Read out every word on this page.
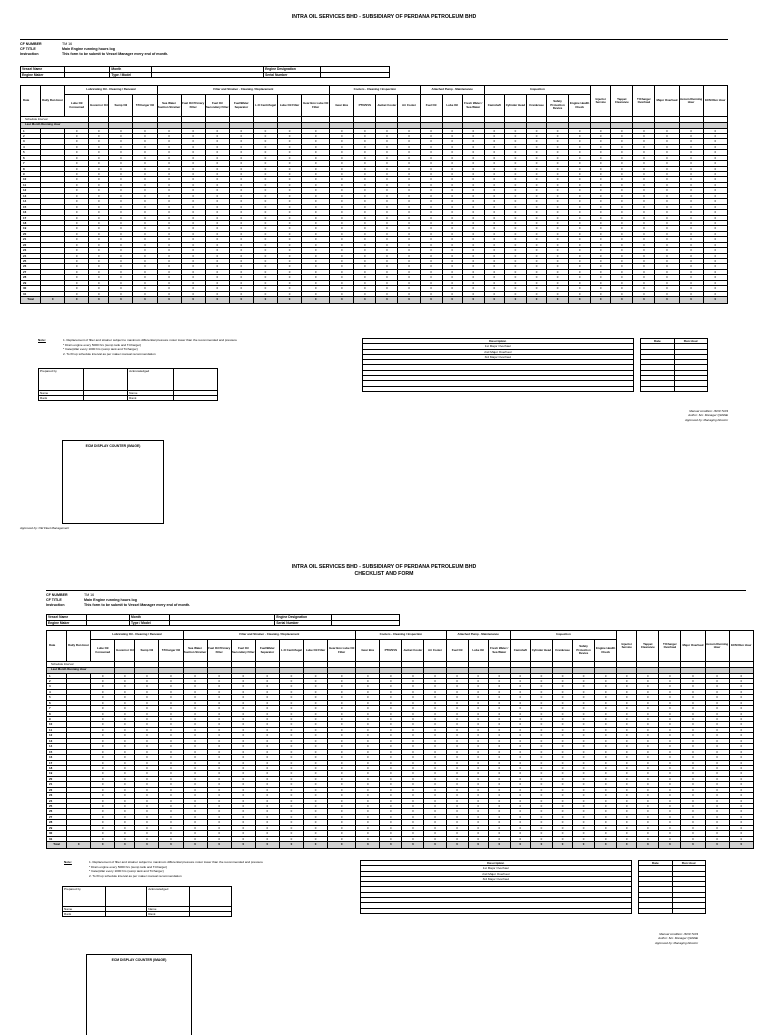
INTRA OIL SERVICES BHD - SUBSIDIARY OF PERDANA PETROLEUM BHD
CF NUMBER	TM 16
CF TITLE	Main Engine running hours log
Instruction	This form to be submit to Vessel Manager every end of month.
Vessel Name		Month		Engine Designation	
Engine Maker		Type / Model		Serial Number	
Date	Daily Run Hour	Lubricating Oil - Cleaning / Renewal				Filter and Strainer - Cleaning / Replacement							Coolers - Cleaning / Inspection				Attached Pump - Maintenance			Inspection					Injector Service	Tappet Clearance	T/Charger Overhaul	Major Overhaul	Accum Running Hour	ECM Run Hour
		Lube Oil Consumed	Governor Oil	Sump Oil	T/Charger Oil	Sea Water Suction Strainer	Fuel Oil Primary Filter	Fuel Oil Secondary Filter	Fuel/Water Separator	L.O Centrifugal	Lube Oil Filter	Gear Box Lube Oil Filter	Gear Box	PTO/SVS	Jacket Cooler	Air Cooler	Fuel Oil	Lube Oil	Fresh Water / Sea Water	Camshaft	Cylinder Head	Crankcase	Safety Protection Device	Engine Health Check						
Schedule Interval																														
Last Month Running Hour																														
1		0	0	0	0	0	0	0	0	0	0	0	0	0	0	0	0	0	0	0	0	0	0	0	0	0	0	0	0	0
2		0	0	0	0	0	0	0	0	0	0	0	0	0	0	0	0	0	0	0	0	0	0	0	0	0	0	0	0	0
3		0	0	0	0	0	0	0	0	0	0	0	0	0	0	0	0	0	0	0	0	0	0	0	0	0	0	0	0	0
4		0	0	0	0	0	0	0	0	0	0	0	0	0	0	0	0	0	0	0	0	0	0	0	0	0	0	0	0	0
5		0	0	0	0	0	0	0	0	0	0	0	0	0	0	0	0	0	0	0	0	0	0	0	0	0	0	0	0	0
6		0	0	0	0	0	0	0	0	0	0	0	0	0	0	0	0	0	0	0	0	0	0	0	0	0	0	0	0	0
7		0	0	0	0	0	0	0	0	0	0	0	0	0	0	0	0	0	0	0	0	0	0	0	0	0	0	0	0	0
8		0	0	0	0	0	0	0	0	0	0	0	0	0	0	0	0	0	0	0	0	0	0	0	0	0	0	0	0	0
9		0	0	0	0	0	0	0	0	0	0	0	0	0	0	0	0	0	0	0	0	0	0	0	0	0	0	0	0	0
10		0	0	0	0	0	0	0	0	0	0	0	0	0	0	0	0	0	0	0	0	0	0	0	0	0	0	0	0	0
11		0	0	0	0	0	0	0	0	0	0	0	0	0	0	0	0	0	0	0	0	0	0	0	0	0	0	0	0	0
12		0	0	0	0	0	0	0	0	0	0	0	0	0	0	0	0	0	0	0	0	0	0	0	0	0	0	0	0	0
13		0	0	0	0	0	0	0	0	0	0	0	0	0	0	0	0	0	0	0	0	0	0	0	0	0	0	0	0	0
14		0	0	0	0	0	0	0	0	0	0	0	0	0	0	0	0	0	0	0	0	0	0	0	0	0	0	0	0	0
15		0	0	0	0	0	0	0	0	0	0	0	0	0	0	0	0	0	0	0	0	0	0	0	0	0	0	0	0	0
16		0	0	0	0	0	0	0	0	0	0	0	0	0	0	0	0	0	0	0	0	0	0	0	0	0	0	0	0	0
17		0	0	0	0	0	0	0	0	0	0	0	0	0	0	0	0	0	0	0	0	0	0	0	0	0	0	0	0	0
18		0	0	0	0	0	0	0	0	0	0	0	0	0	0	0	0	0	0	0	0	0	0	0	0	0	0	0	0	0
19		0	0	0	0	0	0	0	0	0	0	0	0	0	0	0	0	0	0	0	0	0	0	0	0	0	0	0	0	0
20		0	0	0	0	0	0	0	0	0	0	0	0	0	0	0	0	0	0	0	0	0	0	0	0	0	0	0	0	0
21		0	0	0	0	0	0	0	0	0	0	0	0	0	0	0	0	0	0	0	0	0	0	0	0	0	0	0	0	0
22		0	0	0	0	0	0	0	0	0	0	0	0	0	0	0	0	0	0	0	0	0	0	0	0	0	0	0	0	0
23		0	0	0	0	0	0	0	0	0	0	0	0	0	0	0	0	0	0	0	0	0	0	0	0	0	0	0	0	0
24		0	0	0	0	0	0	0	0	0	0	0	0	0	0	0	0	0	0	0	0	0	0	0	0	0	0	0	0	0
25		0	0	0	0	0	0	0	0	0	0	0	0	0	0	0	0	0	0	0	0	0	0	0	0	0	0	0	0	0
26		0	0	0	0	0	0	0	0	0	0	0	0	0	0	0	0	0	0	0	0	0	0	0	0	0	0	0	0	0
27		0	0	0	0	0	0	0	0	0	0	0	0	0	0	0	0	0	0	0	0	0	0	0	0	0	0	0	0	0
28		0	0	0	0	0	0	0	0	0	0	0	0	0	0	0	0	0	0	0	0	0	0	0	0	0	0	0	0	0
29		0	0	0	0	0	0	0	0	0	0	0	0	0	0	0	0	0	0	0	0	0	0	0	0	0	0	0	0	0
30		0	0	0	0	0	0	0	0	0	0	0	0	0	0	0	0	0	0	0	0	0	0	0	0	0	0	0	0	0
31		0	0	0	0	0	0	0	0	0	0	0	0	0	0	0	0	0	0	0	0	0	0	0	0	0	0	0	0	0
Total	0	0	0	0	0	0	0	0	0	0	0	0	0	0	0	0	0	0	0	0	0	0	0	0	0	0	0	0	0	0
Note:	1. Replacement of filter and strainer subject to maximum differential pressure motor lower than the recommended and pressure
* Drain engine every 5000 hrs (sump tank and T/charger)
* Caterpillar every 1000 hrs (sump tank and T/charger)
2. To fill up schedule interval as per maker manual recommendation
Prepared by		Acknowledged	
Name		Name	
Rank		Rank	
Description		Date	Run Hour
1st Major Overhaul			
2nd Major Overhaul			
3rd Major Overhaul			

Manual condition: ISO9 7103
Author: Snr. Manager QHSSE
Approved by: Managing Director
ECM DISPLAY COUNTER (IMAGE)
Approved by: Old Fleet Management
INTRA OIL SERVICES BHD - SUBSIDIARY OF PERDANA PETROLEUM BHD
CHECKLIST AND FORM
CF NUMBER	TM 16
CF TITLE	Main Engine running hours log
Instruction	This form to be submit to Vessel Manager every end of month.
Vessel Name		Month		Engine Designation	
Engine Maker		Type / Model		Serial Number	
Date	Daily Run Hour	Lubricating Oil - Cleaning / Renewal				Filter and Strainer - Cleaning / Replacement							Coolers - Cleaning / Inspection				Attached Pump - Maintenance			Inspection					Injector Service	Tappet Clearance	T/Charger Overhaul	Major Overhaul	Accum Running Hour	ECM Run Hour
		Lube Oil Consumed	Governor Oil	Sump Oil	T/Charger Oil	Sea Water Suction Strainer	Fuel Oil Primary Filter	Fuel Oil Secondary Filter	Fuel/Water Separator	L.O Centrifugal	Lube Oil Filter	Gear Box Lube Oil Filter	Gear Box	PTO/SVS	Jacket Cooler	Air Cooler	Fuel Oil	Lube Oil	Fresh Water / Sea Water	Camshaft	Cylinder Head	Crankcase	Safety Protection Device	Engine Health Check						
Schedule Interval																														
Last Month Running Hour																														
1		0	0	0	0	0	0	0	0	0	0	0	0	0	0	0	0	0	0	0	0	0	0	0	0	0	0	0	0	0
2		0	0	0	0	0	0	0	0	0	0	0	0	0	0	0	0	0	0	0	0	0	0	0	0	0	0	0	0	0
3		0	0	0	0	0	0	0	0	0	0	0	0	0	0	0	0	0	0	0	0	0	0	0	0	0	0	0	0	0
4		0	0	0	0	0	0	0	0	0	0	0	0	0	0	0	0	0	0	0	0	0	0	0	0	0	0	0	0	0
5		0	0	0	0	0	0	0	0	0	0	0	0	0	0	0	0	0	0	0	0	0	0	0	0	0	0	0	0	0
6		0	0	0	0	0	0	0	0	0	0	0	0	0	0	0	0	0	0	0	0	0	0	0	0	0	0	0	0	0
7		0	0	0	0	0	0	0	0	0	0	0	0	0	0	0	0	0	0	0	0	0	0	0	0	0	0	0	0	0
8		0	0	0	0	0	0	0	0	0	0	0	0	0	0	0	0	0	0	0	0	0	0	0	0	0	0	0	0	0
9		0	0	0	0	0	0	0	0	0	0	0	0	0	0	0	0	0	0	0	0	0	0	0	0	0	0	0	0	0
10		0	0	0	0	0	0	0	0	0	0	0	0	0	0	0	0	0	0	0	0	0	0	0	0	0	0	0	0	0
11		0	0	0	0	0	0	0	0	0	0	0	0	0	0	0	0	0	0	0	0	0	0	0	0	0	0	0	0	0
12		0	0	0	0	0	0	0	0	0	0	0	0	0	0	0	0	0	0	0	0	0	0	0	0	0	0	0	0	0
13		0	0	0	0	0	0	0	0	0	0	0	0	0	0	0	0	0	0	0	0	0	0	0	0	0	0	0	0	0
14		0	0	0	0	0	0	0	0	0	0	0	0	0	0	0	0	0	0	0	0	0	0	0	0	0	0	0	0	0
15		0	0	0	0	0	0	0	0	0	0	0	0	0	0	0	0	0	0	0	0	0	0	0	0	0	0	0	0	0
16		0	0	0	0	0	0	0	0	0	0	0	0	0	0	0	0	0	0	0	0	0	0	0	0	0	0	0	0	0
17		0	0	0	0	0	0	0	0	0	0	0	0	0	0	0	0	0	0	0	0	0	0	0	0	0	0	0	0	0
18		0	0	0	0	0	0	0	0	0	0	0	0	0	0	0	0	0	0	0	0	0	0	0	0	0	0	0	0	0
19		0	0	0	0	0	0	0	0	0	0	0	0	0	0	0	0	0	0	0	0	0	0	0	0	0	0	0	0	0
20		0	0	0	0	0	0	0	0	0	0	0	0	0	0	0	0	0	0	0	0	0	0	0	0	0	0	0	0	0
21		0	0	0	0	0	0	0	0	0	0	0	0	0	0	0	0	0	0	0	0	0	0	0	0	0	0	0	0	0
22		0	0	0	0	0	0	0	0	0	0	0	0	0	0	0	0	0	0	0	0	0	0	0	0	0	0	0	0	0
23		0	0	0	0	0	0	0	0	0	0	0	0	0	0	0	0	0	0	0	0	0	0	0	0	0	0	0	0	0
24		0	0	0	0	0	0	0	0	0	0	0	0	0	0	0	0	0	0	0	0	0	0	0	0	0	0	0	0	0
25		0	0	0	0	0	0	0	0	0	0	0	0	0	0	0	0	0	0	0	0	0	0	0	0	0	0	0	0	0
26		0	0	0	0	0	0	0	0	0	0	0	0	0	0	0	0	0	0	0	0	0	0	0	0	0	0	0	0	0
27		0	0	0	0	0	0	0	0	0	0	0	0	0	0	0	0	0	0	0	0	0	0	0	0	0	0	0	0	0
28		0	0	0	0	0	0	0	0	0	0	0	0	0	0	0	0	0	0	0	0	0	0	0	0	0	0	0	0	0
29		0	0	0	0	0	0	0	0	0	0	0	0	0	0	0	0	0	0	0	0	0	0	0	0	0	0	0	0	0
30		0	0	0	0	0	0	0	0	0	0	0	0	0	0	0	0	0	0	0	0	0	0	0	0	0	0	0	0	0
31		0	0	0	0	0	0	0	0	0	0	0	0	0	0	0	0	0	0	0	0	0	0	0	0	0	0	0	0	0
Total	0	0	0	0	0	0	0	0	0	0	0	0	0	0	0	0	0	0	0	0	0	0	0	0	0	0	0	0	0	0
Note:	1. Replacement of filter and strainer subject to maximum differential pressure motor lower than the recommended and pressure
* Drain engine every 5000 hrs (sump tank and T/charger)
* Caterpillar every 1000 hrs (sump tank and T/charger)
2. To fill up schedule interval as per maker manual recommendation
Prepared by		Acknowledged	
Name		Name	
Rank		Rank	
Description		Date	Run Hour
1st Major Overhaul			
2nd Major Overhaul			
3rd Major Overhaul			

Manual condition: ISO9 7103
Author: Snr. Manager QHSSE
Approved by: Managing Director
ECM DISPLAY COUNTER (IMAGE)
